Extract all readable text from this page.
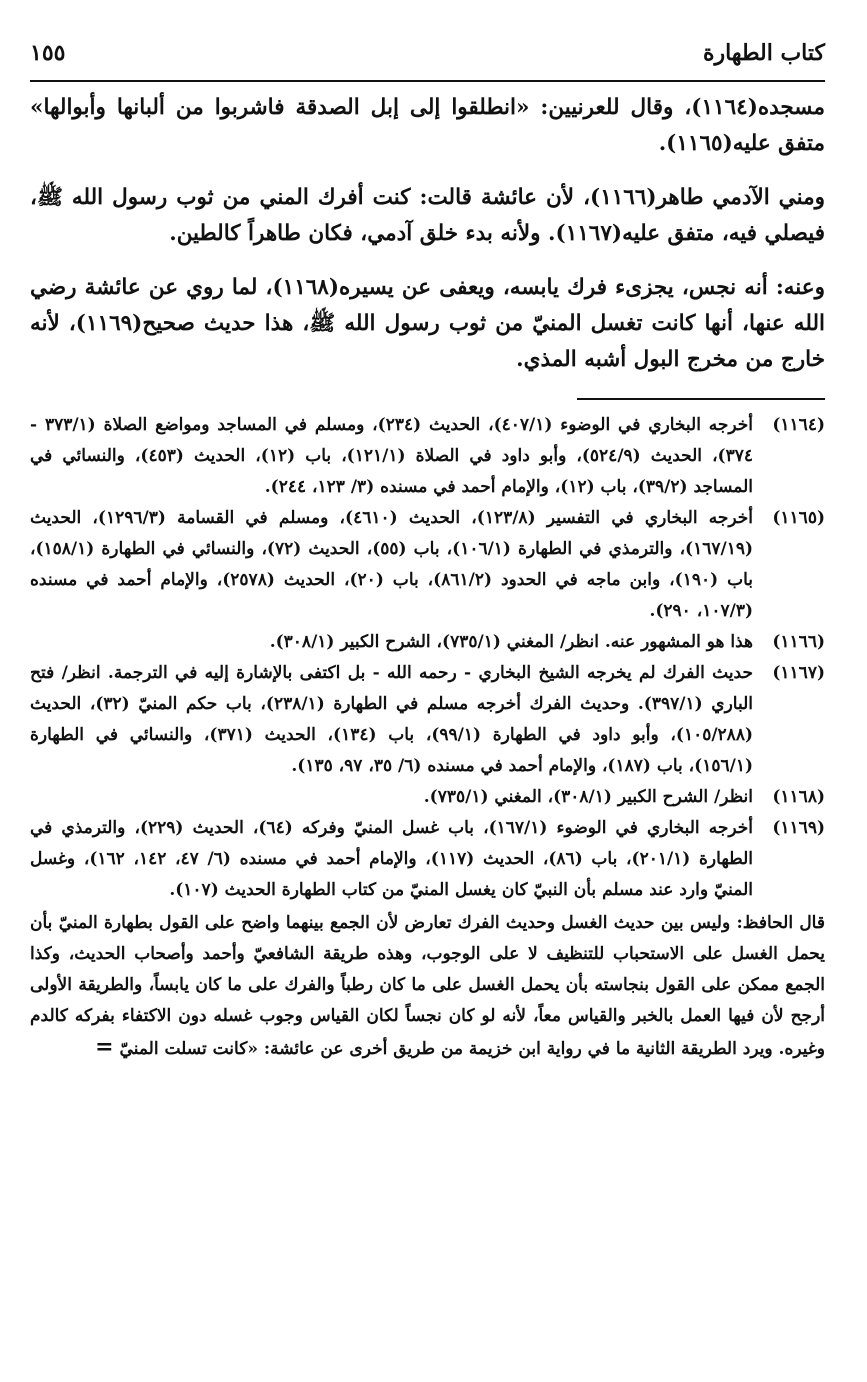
كتاب الطهارة
١٥٥

مسجده(١١٦٤)، وقال للعرنيين: «انطلقوا إلى إبل الصدقة فاشربوا من ألبانها وأبوالها» متفق عليه(١١٦٥).

ومني الآدمي طاهر(١١٦٦)، لأن عائشة قالت: كنت أفرك المني من ثوب رسول الله ﷺ، فيصلي فيه، متفق عليه(١١٦٧). ولأنه بدء خلق آدمي، فكان طاهراً كالطين.

وعنه: أنه نجس، يجزىء فرك يابسه، ويعفى عن يسيره(١١٦٨)، لما روي عن عائشة رضي الله عنها، أنها كانت تغسل المنيّ من ثوب رسول الله ﷺ، هذا حديث صحيح(١١٦٩)، لأنه خارج من مخرج البول أشبه المذي.

(١١٦٤)
أخرجه البخاري في الوضوء (٤٠٧/١)، الحديث (٢٣٤)، ومسلم في المساجد ومواضع الصلاة (٣٧٣/١ - ٣٧٤)، الحديث (٥٢٤/٩)، وأبو داود في الصلاة (١٢١/١)، باب (١٢)، الحديث (٤٥٣)، والنسائي في المساجد (٣٩/٢)، باب (١٢)، والإمام أحمد في مسنده (٣/ ١٢٣، ٢٤٤).
(١١٦٥)
أخرجه البخاري في التفسير (١٢٣/٨)، الحديث (٤٦١٠)، ومسلم في القسامة (١٢٩٦/٣)، الحديث (١٦٧/١٩)، والترمذي في الطهارة (١٠٦/١)، باب (٥٥)، الحديث (٧٢)، والنسائي في الطهارة (١٥٨/١)، باب (١٩٠)، وابن ماجه في الحدود (٨٦١/٢)، باب (٢٠)، الحديث (٢٥٧٨)، والإمام أحمد في مسنده (١٠٧/٣، ٢٩٠).
(١١٦٦)
هذا هو المشهور عنه. انظر/ المغني (٧٣٥/١)، الشرح الكبير (٣٠٨/١).
(١١٦٧)
حديث الفرك لم يخرجه الشيخ البخاري - رحمه الله - بل اكتفى بالإشارة إليه في الترجمة. انظر/ فتح الباري (٣٩٧/١). وحديث الفرك أخرجه مسلم في الطهارة (٢٣٨/١)، باب حكم المنيّ (٣٢)، الحديث (١٠٥/٢٨٨)، وأبو داود في الطهارة (٩٩/١)، باب (١٣٤)، الحديث (٣٧١)، والنسائي في الطهارة (١٥٦/١)، باب (١٨٧)، والإمام أحمد في مسنده (٦/ ٣٥، ٩٧، ١٣٥).
(١١٦٨)
انظر/ الشرح الكبير (٣٠٨/١)، المغني (٧٣٥/١).
(١١٦٩)
أخرجه البخاري في الوضوء (١٦٧/١)، باب غسل المنيّ وفركه (٦٤)، الحديث (٢٢٩)، والترمذي في الطهارة (٢٠١/١)، باب (٨٦)، الحديث (١١٧)، والإمام أحمد في مسنده (٦/ ٤٧، ١٤٢، ١٦٢)، وغسل المنيّ وارد عند مسلم بأن النبيّ كان يغسل المنيّ من كتاب الطهارة الحديث (١٠٧).
قال الحافظ: وليس بين حديث الغسل وحديث الفرك تعارض لأن الجمع بينهما واضح على القول بطهارة المنيّ بأن يحمل الغسل على الاستحباب للتنظيف لا على الوجوب، وهذه طريقة الشافعيّ وأحمد وأصحاب الحديث، وكذا الجمع ممكن على القول بنجاسته بأن يحمل الغسل على ما كان رطباً والفرك على ما كان يابساً، والطريقة الأولى أرجح لأن فيها العمل بالخبر والقياس معاً، لأنه لو كان نجساً لكان القياس وجوب غسله دون الاكتفاء بفركه كالدم وغيره. ويرد الطريقة الثانية ما في رواية ابن خزيمة من طريق أخرى عن عائشة: «كانت تسلت المنيّ =
